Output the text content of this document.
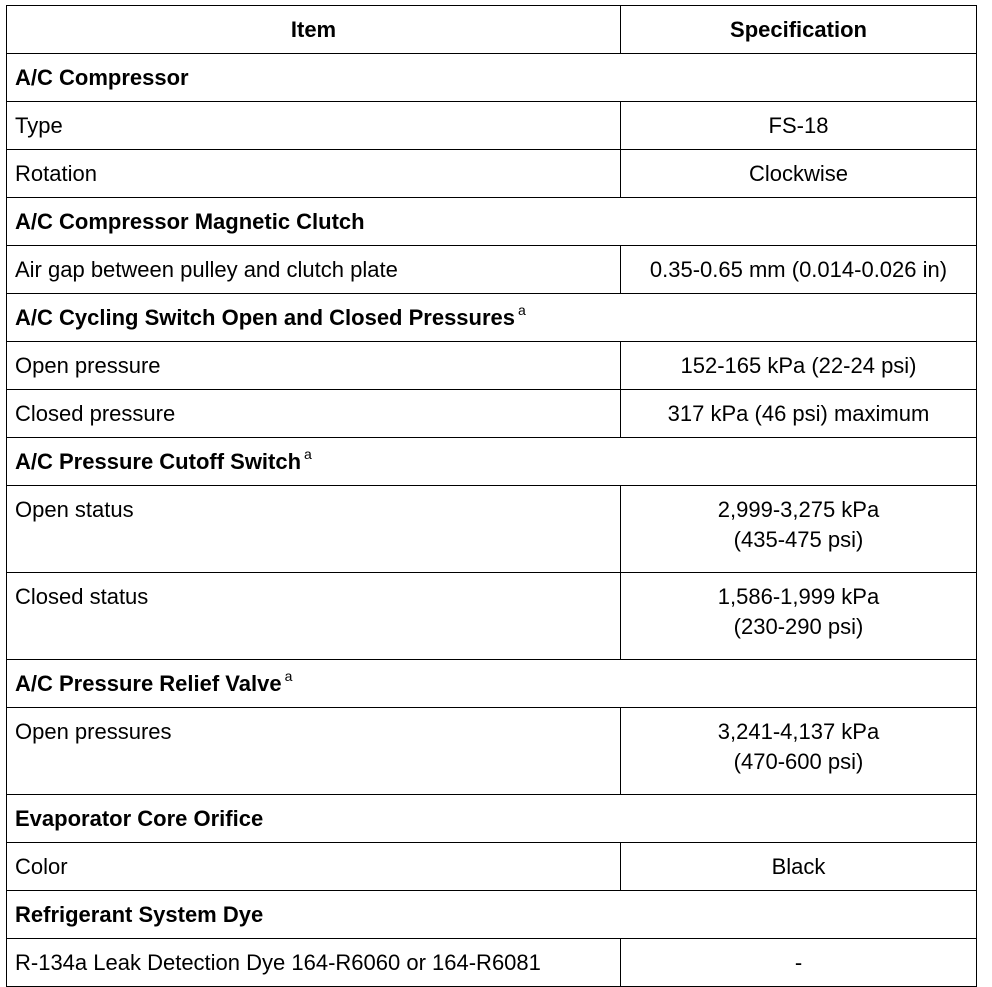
Item	Specification
A/C Compressor	
Type	FS-18

Rotation	Clockwise

A/C Compressor Magnetic Clutch	
Air gap between pulley and clutch plate	0.35-0.65 mm (0.014-0.026 in)

A/C Cycling Switch Open and Closed Pressures $^a$
Open pressure	152-165 kPa (22-24 psi)

Closed pressure	317 kPa (46 psi) maximum

A/C Pressure Cutoff Switch $^a$
Open status	2,999-3,275 kPa
(435-475 psi)

Closed status	1,586-1,999 kPa
(230-290 psi)

A/C Pressure Relief Valve $^a$
Open pressures	3,241-4,137 kPa
(470-600 psi)

Evaporator Core Orifice	
Color	Black

Refrigerant System Dye	
R-134a Leak Detection Dye 164-R6060 or 164-R6081	-
